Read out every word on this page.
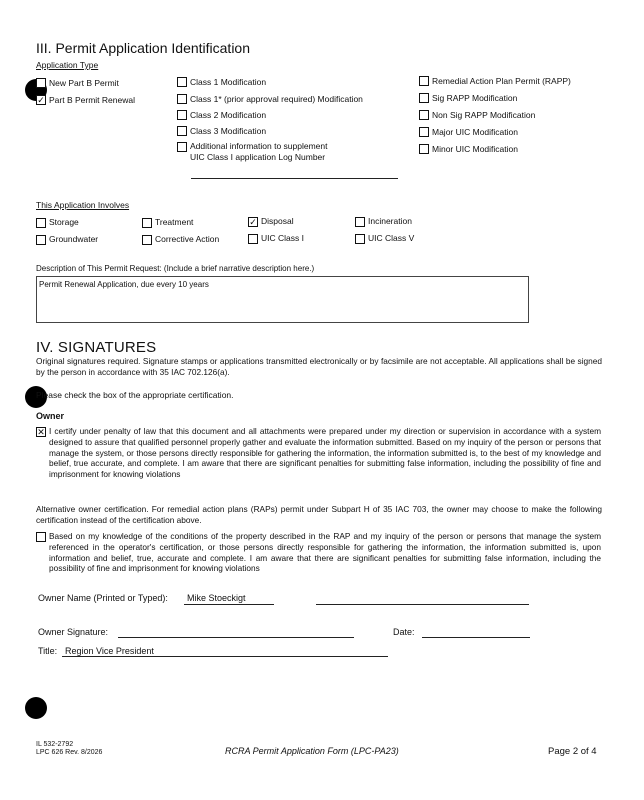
III. Permit Application Identification
Application Type
New Part B Permit
✓ Part B Permit Renewal
Class 1 Modification
Class 1* (prior approval required) Modification
Class 2 Modification
Class 3 Modification
Additional information to supplement
UIC Class I application Log Number
Remedial Action Plan Permit (RAPP)
Sig RAPP Modification
Non Sig RAPP Modification
Major UIC Modification
Minor UIC Modification
This Application Involves
Storage	Treatment	✓ Disposal	Incineration
Groundwater	Corrective Action	UIC Class I	UIC Class V
Description of This Permit Request: (Include a brief narrative description here.)
Permit Renewal Application, due every 10 years
IV. SIGNATURES
Original signatures required. Signature stamps or applications transmitted electronically or by facsimile are not acceptable. All applications shall be signed by the person in accordance with 35 IAC 702.126(a).
Please check the box of the appropriate certification.
Owner
✕ I certify under penalty of law that this document and all attachments were prepared under my direction or supervision in accordance with a system designed to assure that qualified personnel properly gather and evaluate the information submitted. Based on my inquiry of the person or persons that manage the system, or those persons directly responsible for gathering the information, the information submitted is, to the best of my knowledge and belief, true accurate, and complete. I am aware that there are significant penalties for submitting false information, including the possibility of fine and imprisonment for knowing violations
Alternative owner certification. For remedial action plans (RAPs) permit under Subpart H of 35 IAC 703, the owner may choose to make the following certification instead of the certification above.
Based on my knowledge of the conditions of the property described in the RAP and my inquiry of the person or persons that manage the system referenced in the operator's certification, or those persons directly responsible for gathering the information, the information submitted is, upon information and belief, true, accurate and complete. I am aware that there are significant penalties for submitting false information, including the possibility of fine and imprisonment for knowing violations
Owner Name (Printed or Typed): Mike Stoeckigt
Owner Signature:	Date:
Title: Region Vice President
IL 532-2792
LPC 626 Rev. 8/2026	RCRA Permit Application Form (LPC-PA23)	Page 2 of 4
